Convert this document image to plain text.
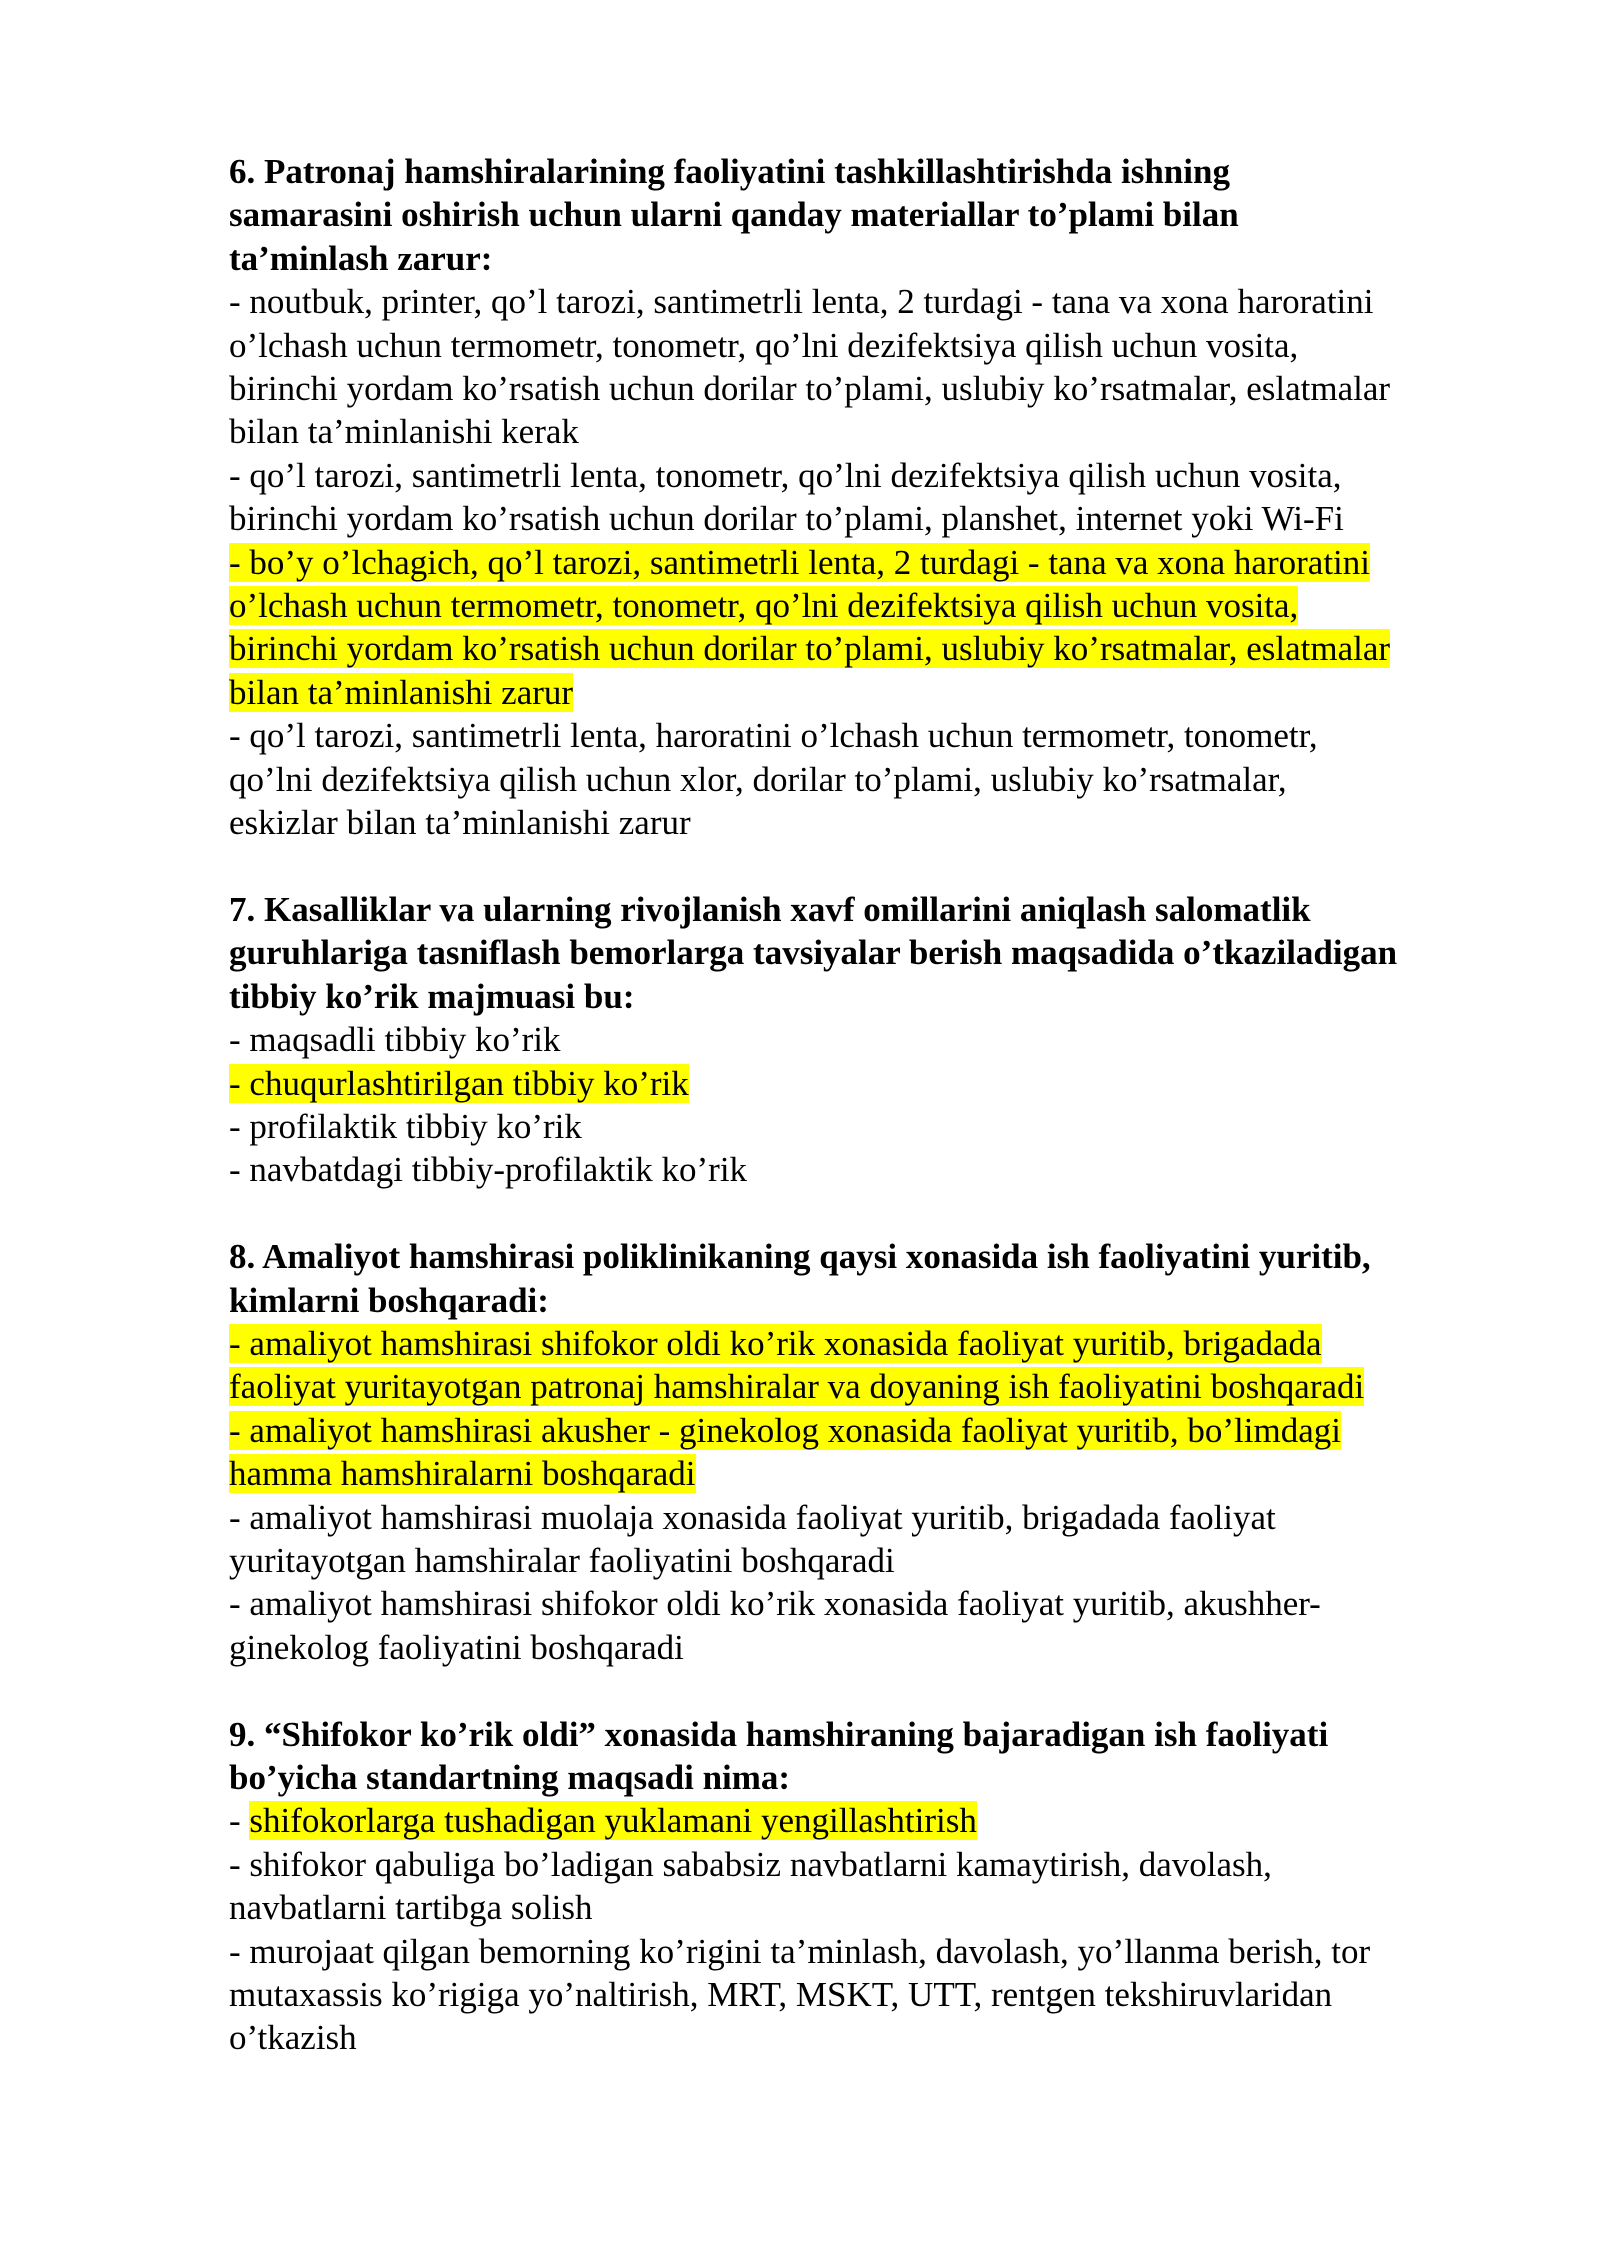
6. Patronaj hamshiralarining faoliyatini tashkillashtirishda ishning
samarasini oshirish uchun ularni qanday materiallar to’plami bilan
ta’minlash zarur:
- noutbuk, printer, qo’l tarozi, santimetrli lenta, 2 turdagi - tana va xona haroratini
o’lchash uchun termometr, tonometr, qo’lni dezifektsiya qilish uchun vosita,
birinchi yordam ko’rsatish uchun dorilar to’plami, uslubiy ko’rsatmalar, eslatmalar
bilan ta’minlanishi kerak
- qo’l tarozi, santimetrli lenta, tonometr, qo’lni dezifektsiya qilish uchun vosita,
birinchi yordam ko’rsatish uchun dorilar to’plami, planshet, internet yoki Wi-Fi
- bo’y o’lchagich, qo’l tarozi, santimetrli lenta, 2 turdagi - tana va xona haroratini
o’lchash uchun termometr, tonometr, qo’lni dezifektsiya qilish uchun vosita,
birinchi yordam ko’rsatish uchun dorilar to’plami, uslubiy ko’rsatmalar, eslatmalar
bilan ta’minlanishi zarur
- qo’l tarozi, santimetrli lenta, haroratini o’lchash uchun termometr, tonometr,
qo’lni dezifektsiya qilish uchun xlor, dorilar to’plami, uslubiy ko’rsatmalar,
eskizlar bilan ta’minlanishi zarur
7. Kasalliklar va ularning rivojlanish xavf omillarini aniqlash salomatlik
guruhlariga tasniflash bemorlarga tavsiyalar berish maqsadida o’tkaziladigan
tibbiy ko’rik majmuasi bu:
- maqsadli tibbiy ko’rik
- chuqurlashtirilgan tibbiy ko’rik
- profilaktik tibbiy ko’rik
- navbatdagi tibbiy-profilaktik ko’rik
8. Amaliyot hamshirasi poliklinikaning qaysi xonasida ish faoliyatini yuritib,
kimlarni boshqaradi:
- amaliyot hamshirasi shifokor oldi ko’rik xonasida faoliyat yuritib, brigadada
faoliyat yuritayotgan patronaj hamshiralar va doyaning ish faoliyatini boshqaradi
- amaliyot hamshirasi akusher - ginekolog xonasida faoliyat yuritib, bo’limdagi
hamma hamshiralarni boshqaradi
- amaliyot hamshirasi muolaja xonasida faoliyat yuritib, brigadada faoliyat
yuritayotgan hamshiralar faoliyatini boshqaradi
- amaliyot hamshirasi shifokor oldi ko’rik xonasida faoliyat yuritib, akushher-
ginekolog faoliyatini boshqaradi
9. “Shifokor ko’rik oldi” xonasida hamshiraning bajaradigan ish faoliyati
bo’yicha standartning maqsadi nima:
- shifokorlarga tushadigan yuklamani yengillashtirish
- shifokor qabuliga bo’ladigan sababsiz navbatlarni kamaytirish, davolash,
navbatlarni tartibga solish
- murojaat qilgan bemorning ko’rigini ta’minlash, davolash, yo’llanma berish, tor
mutaxassis ko’rigiga yo’naltirish, MRT, MSKT, UTT, rentgen tekshiruvlaridan
o’tkazish
